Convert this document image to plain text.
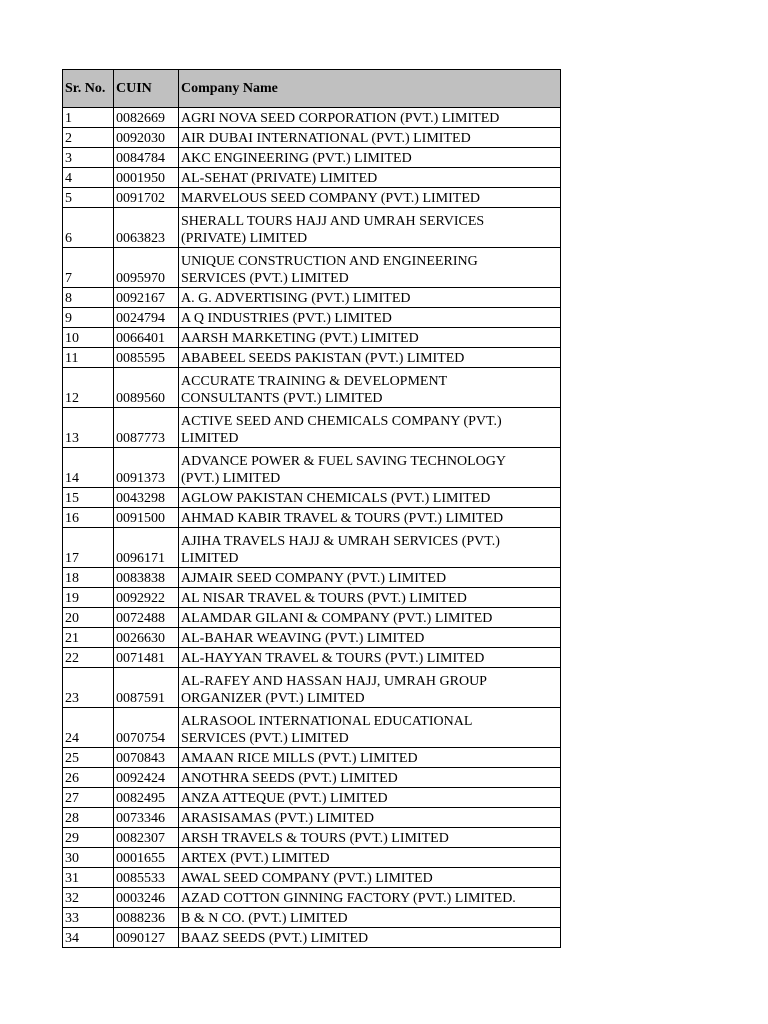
Sr. No.	CUIN	Company Name
1	0082669	AGRI NOVA SEED CORPORATION (PVT.) LIMITED
2	0092030	AIR DUBAI INTERNATIONAL (PVT.) LIMITED
3	0084784	AKC ENGINEERING (PVT.) LIMITED
4	0001950	AL-SEHAT (PRIVATE) LIMITED
5	0091702	MARVELOUS SEED COMPANY (PVT.) LIMITED
6	0063823	SHERALL TOURS HAJJ AND UMRAH SERVICES
(PRIVATE) LIMITED
7	0095970	UNIQUE CONSTRUCTION AND ENGINEERING
SERVICES (PVT.) LIMITED
8	0092167	A. G. ADVERTISING (PVT.) LIMITED
9	0024794	A Q INDUSTRIES (PVT.) LIMITED
10	0066401	AARSH MARKETING (PVT.) LIMITED
11	0085595	ABABEEL SEEDS PAKISTAN (PVT.) LIMITED
12	0089560	ACCURATE TRAINING & DEVELOPMENT
CONSULTANTS (PVT.) LIMITED
13	0087773	ACTIVE SEED AND CHEMICALS COMPANY (PVT.)
LIMITED
14	0091373	ADVANCE POWER & FUEL SAVING TECHNOLOGY
(PVT.) LIMITED
15	0043298	AGLOW PAKISTAN CHEMICALS (PVT.) LIMITED
16	0091500	AHMAD KABIR TRAVEL & TOURS (PVT.) LIMITED
17	0096171	AJIHA TRAVELS HAJJ & UMRAH SERVICES (PVT.)
LIMITED
18	0083838	AJMAIR SEED COMPANY (PVT.) LIMITED
19	0092922	AL NISAR TRAVEL & TOURS (PVT.) LIMITED
20	0072488	ALAMDAR GILANI & COMPANY (PVT.) LIMITED
21	0026630	AL-BAHAR WEAVING (PVT.) LIMITED
22	0071481	AL-HAYYAN TRAVEL & TOURS (PVT.) LIMITED
23	0087591	AL-RAFEY AND HASSAN HAJJ, UMRAH GROUP
ORGANIZER (PVT.) LIMITED
24	0070754	ALRASOOL INTERNATIONAL EDUCATIONAL
SERVICES (PVT.) LIMITED
25	0070843	AMAAN RICE MILLS (PVT.) LIMITED
26	0092424	ANOTHRA SEEDS (PVT.) LIMITED
27	0082495	ANZA ATTEQUE (PVT.) LIMITED
28	0073346	ARASISAMAS (PVT.) LIMITED
29	0082307	ARSH TRAVELS & TOURS (PVT.) LIMITED
30	0001655	ARTEX (PVT.) LIMITED
31	0085533	AWAL SEED COMPANY (PVT.) LIMITED
32	0003246	AZAD COTTON GINNING FACTORY (PVT.) LIMITED.
33	0088236	B & N CO. (PVT.) LIMITED
34	0090127	BAAZ SEEDS (PVT.) LIMITED
